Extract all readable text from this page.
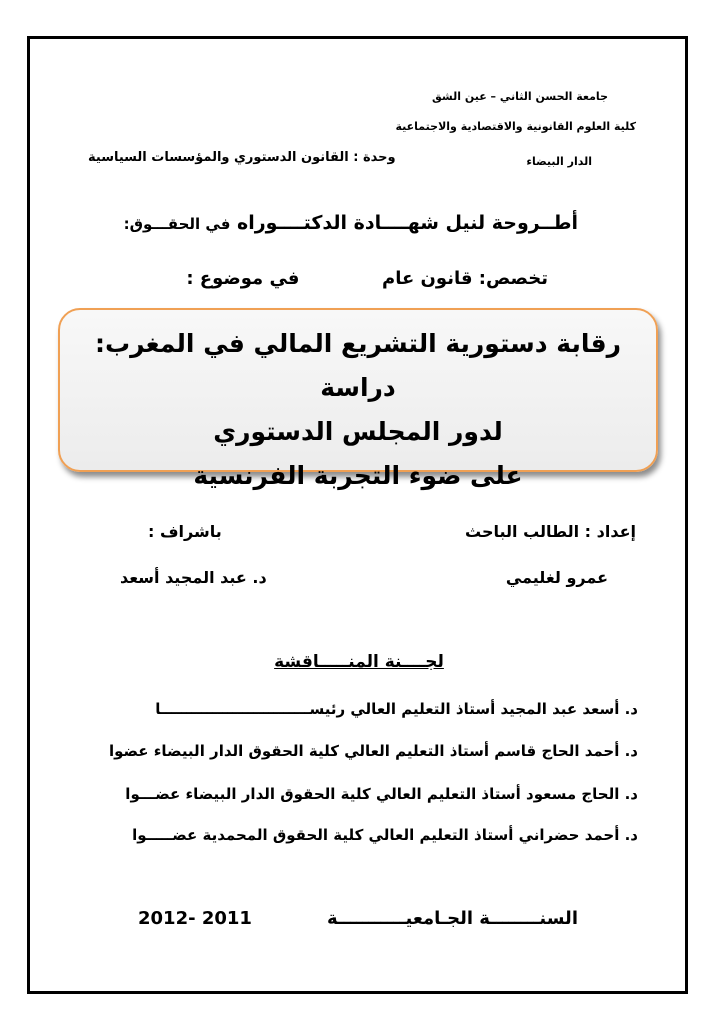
جامعة الحسن الثاني – عين الشق
كلية العلوم القانونية والاقتصادية والاجتماعية
الدار البيضاء
وحدة : القانون الدستوري والمؤسسات السياسية
أطــروحة لنيل شهــــادة الدكتــــوراه في الحقـــوق:
تخصص: قانون عام  في موضوع :
رقابة دستورية التشريع المالي في المغرب: دراسة
لدور المجلس الدستوري
على ضوء التجربة الفرنسية
إعداد : الطالب الباحث
باشراف :
عمرو لغليمي
د. عبد المجيد أسعد
لجــــنة المنـــــاقشة
د. أسعد عبد المجيد أستاذ التعليم العالي رئيســـــــــــــــــــــــــــــا
د. أحمد الحاج قاسم أستاذ التعليم العالي كلية الحقوق الدار البيضاء عضوا
د. الحاج مسعود أستاذ التعليم العالي كلية الحقوق الدار البيضاء عضـــوا
د. أحمد حضراني أستاذ التعليم العالي كلية الحقوق المحمدية عضـــــوا
السنــــــــة الجـامعيـــــــــــة
2012- 2011
